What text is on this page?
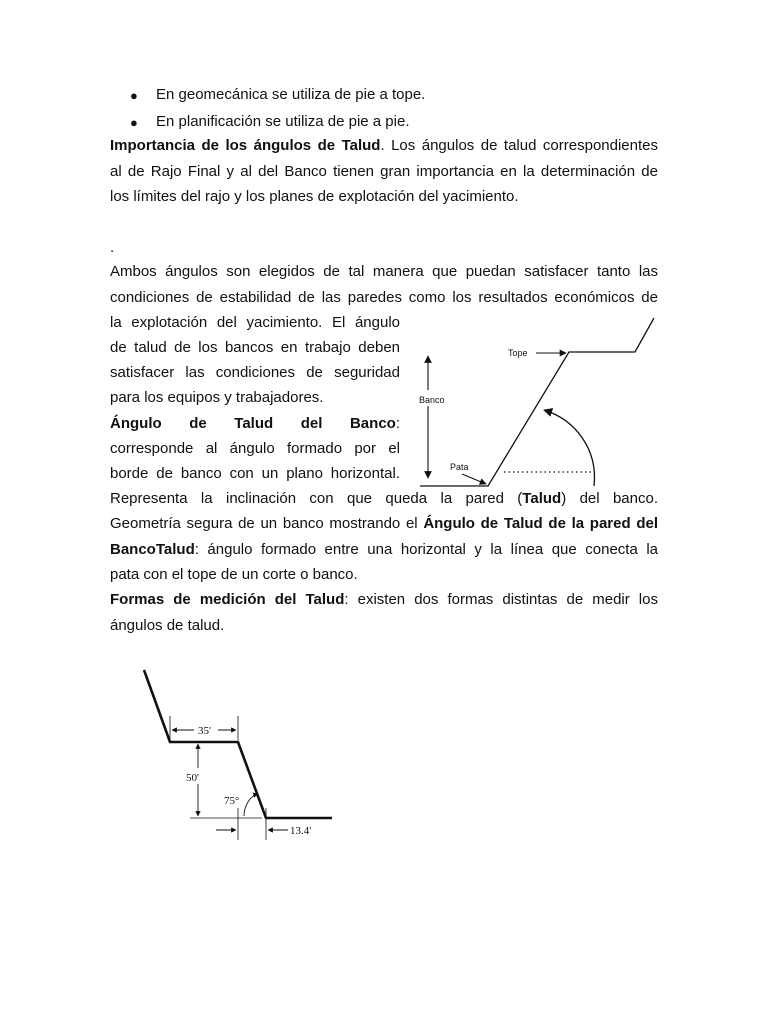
● En geomecánica se utiliza de pie a tope.
● En planificación se utiliza de pie a pie.
Importancia de los ángulos de Talud. Los ángulos de talud correspondientes
al de Rajo Final y al del Banco tienen gran importancia en la determinación de
los límites del rajo y los planes de explotación del yacimiento.
.
Ambos ángulos son elegidos de tal manera que puedan satisfacer tanto las
condiciones de estabilidad de las paredes como los resultados económicos de
la explotación del yacimiento. El ángulo
de talud de los bancos en trabajo deben
satisfacer las condiciones de seguridad
para los equipos y trabajadores.
Ángulo de Talud del Banco:
corresponde al ángulo formado por el
borde de banco con un plano horizontal.
Representa la inclinación con que queda la pared (Talud) del banco.
Geometría segura de un banco mostrando el Ángulo de Talud de la pared del
BancoTalud: ángulo formado entre una horizontal y la línea que conecta la
pata con el tope de un corte o banco.
Formas de medición del Talud: existen dos formas distintas de medir los
ángulos de talud.
Banco
Tope
Pata
35'
50'
75°
13.4'
